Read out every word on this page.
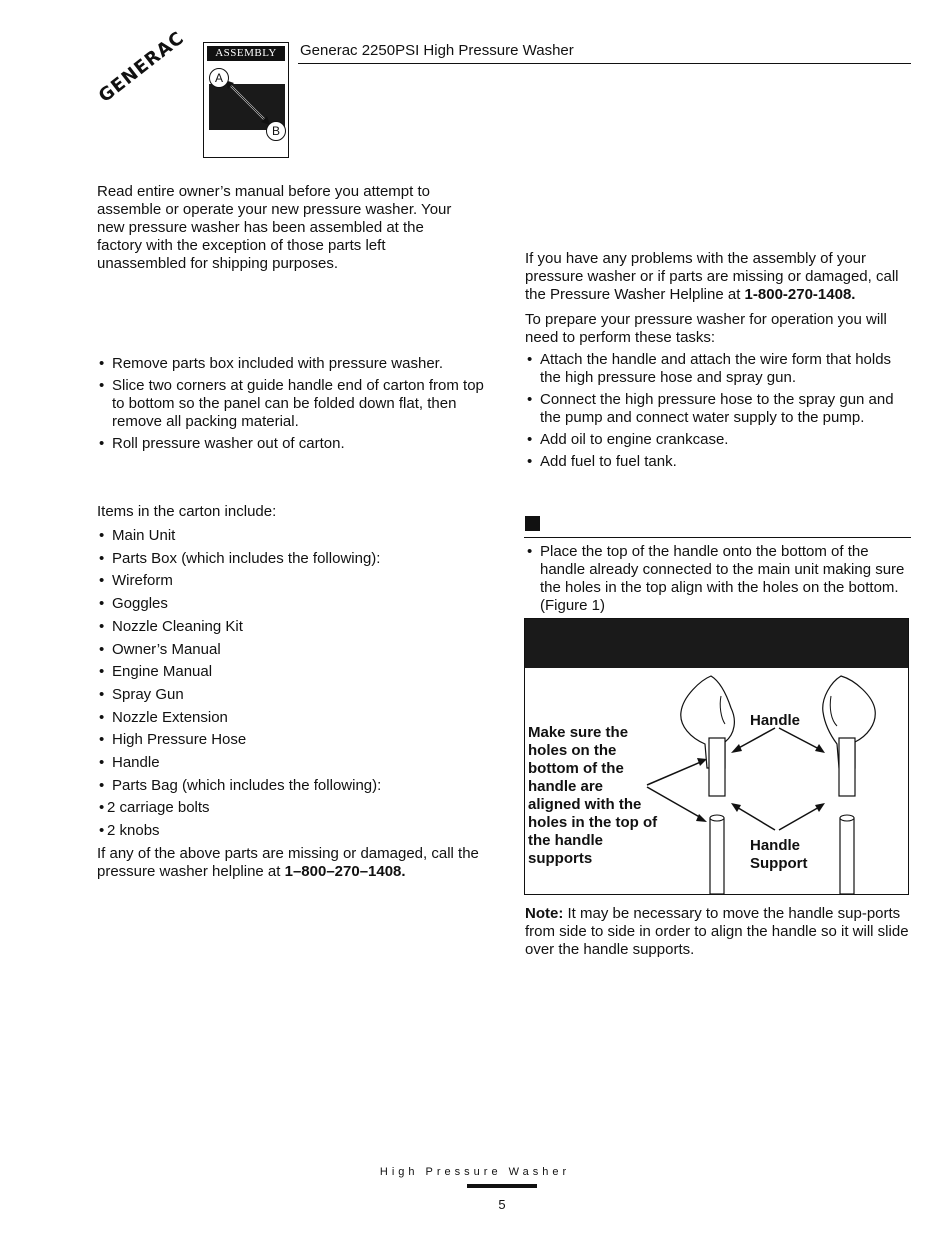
GENERAC	ASSEMBLY
A
B
Generac 2250PSI High Pressure Washer

Read entire owner’s manual before you attempt to assemble or operate your new pressure washer. Your new pressure washer has been assembled at the factory with the exception of those parts left unassembled for shipping purposes.

• Remove parts box included with pressure washer.
• Slice two corners at guide handle end of carton from top to bottom so the panel can be folded down flat, then remove all packing material.
• Roll pressure washer out of carton.

Items in the carton include:

• Main Unit
• Parts Box (which includes the following):
• Wireform
• Goggles
• Nozzle Cleaning Kit
• Owner’s Manual
• Engine Manual
• Spray Gun
• Nozzle Extension
• High Pressure Hose
• Handle
• Parts Bag (which includes the following):
• 2 carriage bolts
• 2 knobs

If any of the above parts are missing or damaged, call the pressure washer helpline at 1–800–270–1408.

If you have any problems with the assembly of your pressure washer or if parts are missing or damaged, call the Pressure Washer Helpline at 1-800-270-1408.

To prepare your pressure washer for operation you will need to perform these tasks:

• Attach the handle and attach the wire form that holds the high pressure hose and spray gun.
• Connect the high pressure hose to the spray gun and the pump and connect water supply to the pump.
• Add oil to engine crankcase.
• Add fuel to fuel tank.
• Place the top of the handle onto the bottom of the handle already connected to the main unit making sure the holes in the top align with the holes on the bottom. (Figure 1)
Make sure the holes on the bottom of the handle are aligned with the holes in the top of the handle supports
Handle
Handle Support

Note: It may be necessary to move the handle sup-ports from side to side in order to align the handle so it will slide over the handle supports.

High Pressure Washer
5
